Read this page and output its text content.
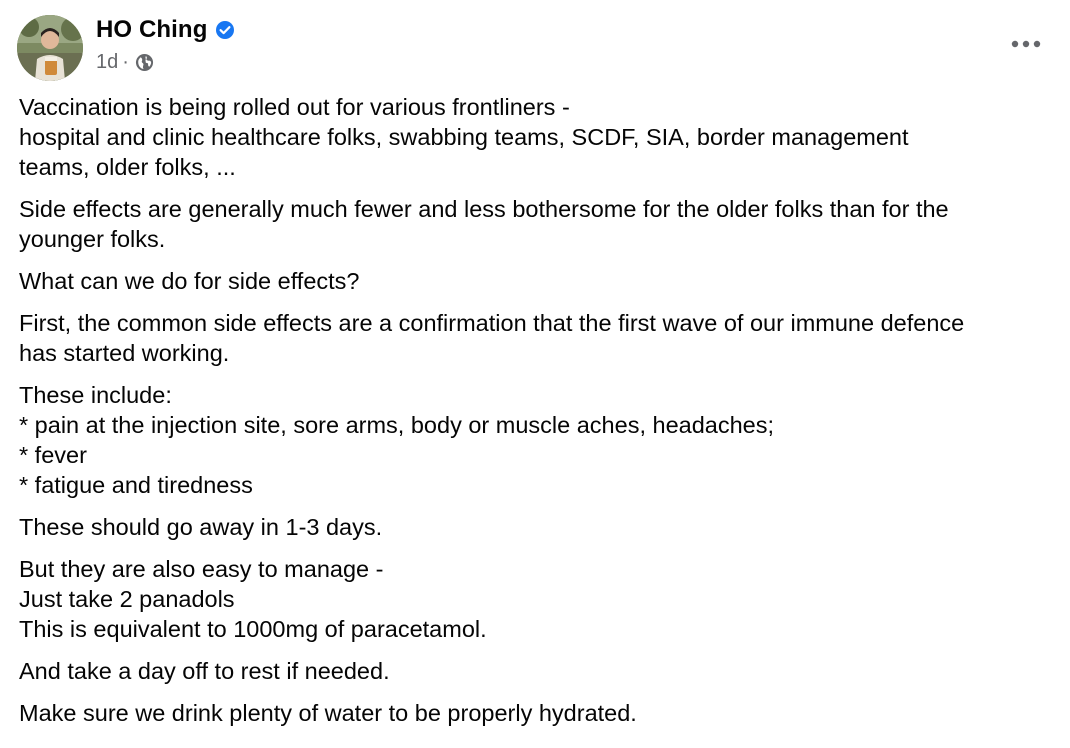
HO Ching
1d ·
Vaccination is being rolled out for various frontliners -
hospital and clinic healthcare folks, swabbing teams, SCDF, SIA, border management
teams, older folks, ...
Side effects are generally much fewer and less bothersome for the older folks than for the
younger folks.
What can we do for side effects?
First, the common side effects are a confirmation that the first wave of our immune defence
has started working.
These include:
* pain at the injection site, sore arms, body or muscle aches, headaches;
* fever
* fatigue and tiredness
These should go away in 1-3 days.
But they are also easy to manage -
Just take 2 panadols
This is equivalent to 1000mg of paracetamol.
And take a day off to rest if needed.
Make sure we drink plenty of water to be properly hydrated.
